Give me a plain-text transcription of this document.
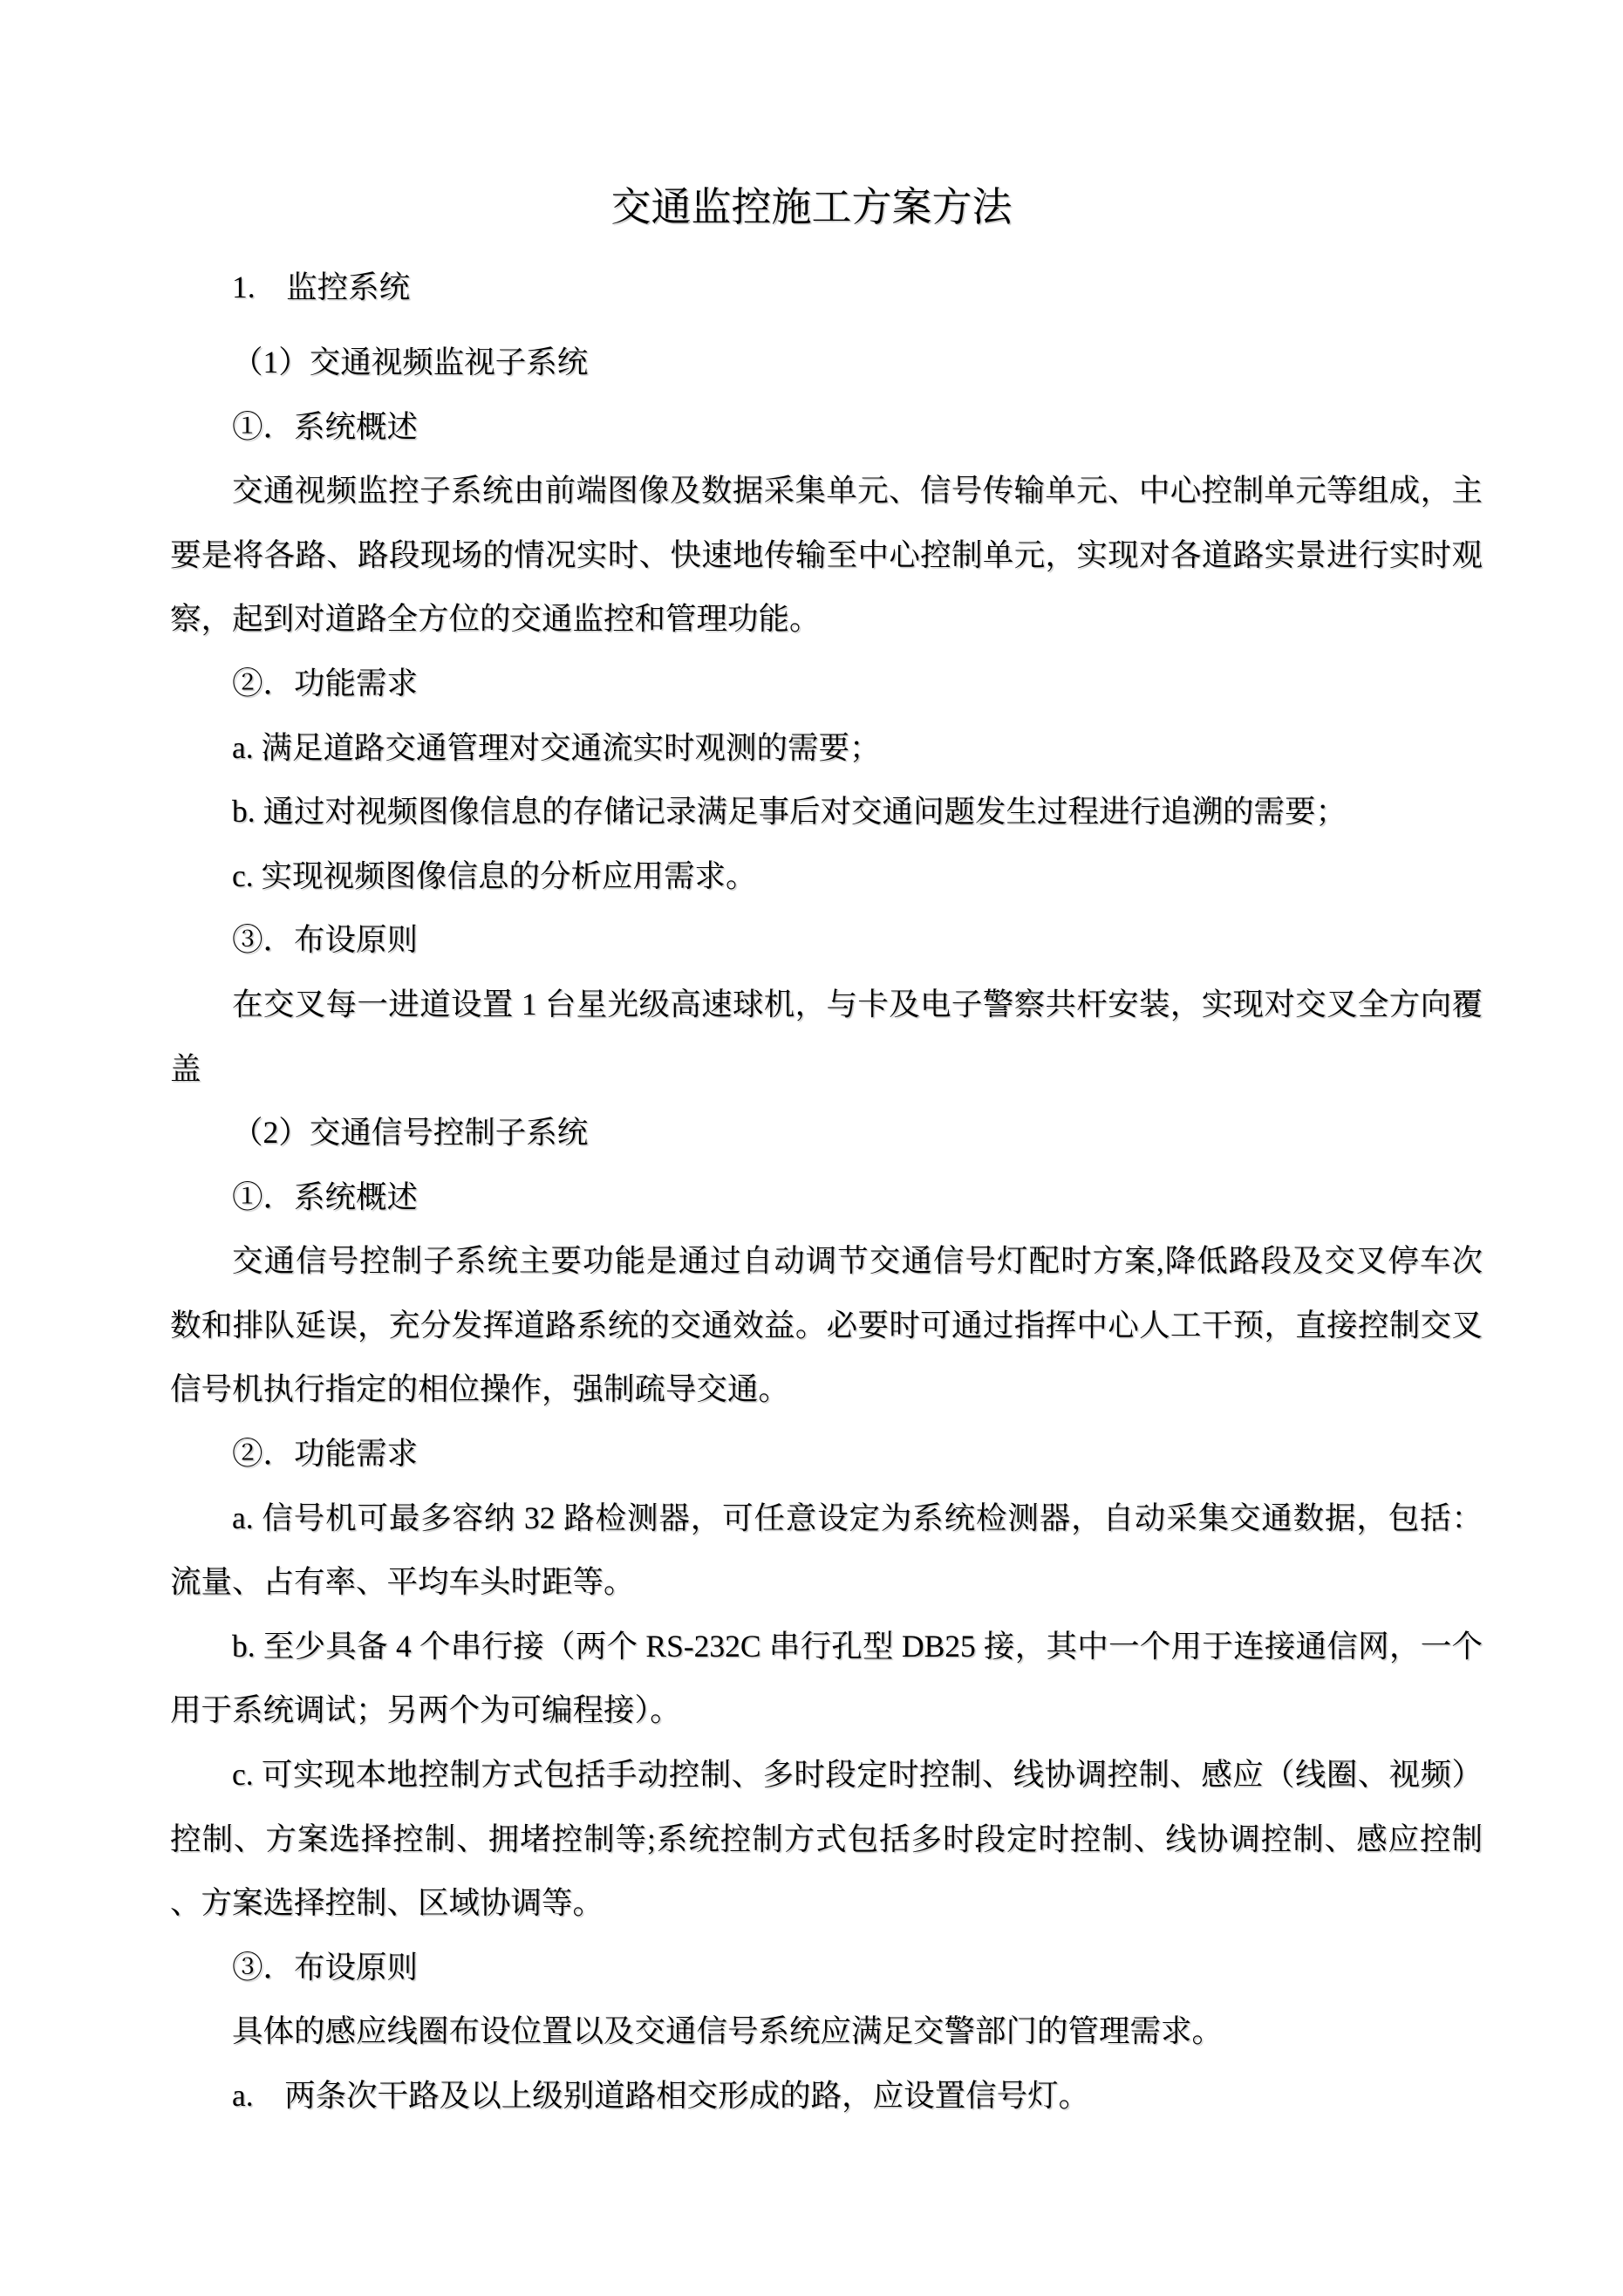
交通监控施工方案方法
1.　监控系统
（1）交通视频监视子系统
①．系统概述
交通视频监控子系统由前端图像及数据采集单元、信号传输单元、中心控制单元等组成，主
要是将各路、路段现场的情况实时、快速地传输至中心控制单元，实现对各道路实景进行实时观
察，起到对道路全方位的交通监控和管理功能。
②．功能需求
a. 满足道路交通管理对交通流实时观测的需要；
b. 通过对视频图像信息的存储记录满足事后对交通问题发生过程进行追溯的需要；
c. 实现视频图像信息的分析应用需求。
③．布设原则
在交叉每一进道设置 1 台星光级高速球机，与卡及电子警察共杆安装，实现对交叉全方向覆
盖
（2）交通信号控制子系统
①．系统概述
交通信号控制子系统主要功能是通过自动调节交通信号灯配时方案,降低路段及交叉停车次
数和排队延误，充分发挥道路系统的交通效益。必要时可通过指挥中心人工干预，直接控制交叉
信号机执行指定的相位操作，强制疏导交通。
②．功能需求
a. 信号机可最多容纳 32 路检测器，可任意设定为系统检测器，自动采集交通数据，包括：
流量、占有率、平均车头时距等。
b. 至少具备 4 个串行接（两个 RS-232C 串行孔型 DB25 接，其中一个用于连接通信网，一个
用于系统调试；另两个为可编程接）。
c. 可实现本地控制方式包括手动控制、多时段定时控制、线协调控制、感应（线圈、视频）
控制、方案选择控制、拥堵控制等;系统控制方式包括多时段定时控制、线协调控制、感应控制
、方案选择控制、区域协调等。
③．布设原则
具体的感应线圈布设位置以及交通信号系统应满足交警部门的管理需求。
a.　两条次干路及以上级别道路相交形成的路，应设置信号灯。
